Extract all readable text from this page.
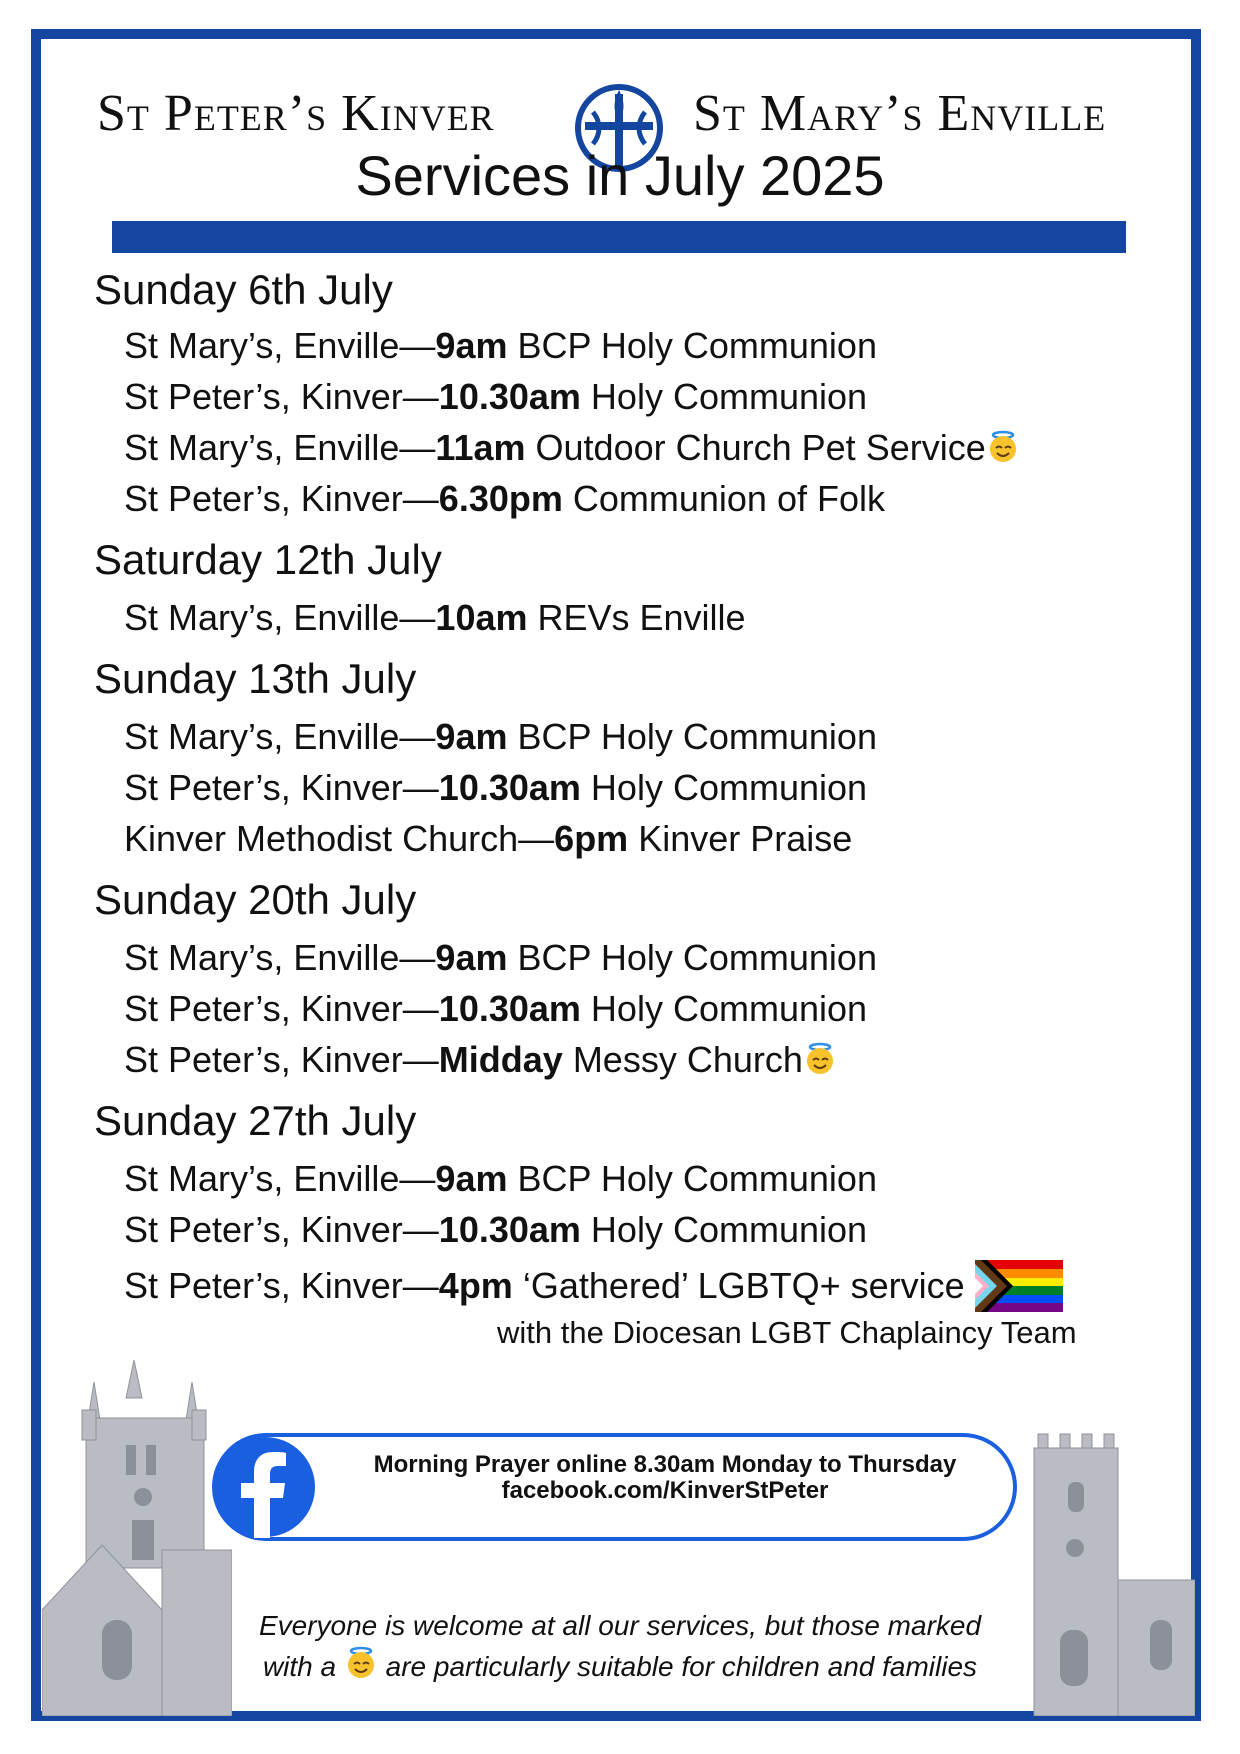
St Peter’s Kinver	St Mary’s Enville
Services in July 2025
Sunday 6th July
St Mary’s, Enville—9am BCP Holy Communion
St Peter’s, Kinver—10.30am Holy Communion
St Mary’s, Enville—11am Outdoor Church Pet Service
St Peter’s, Kinver—6.30pm Communion of Folk
Saturday 12th July
St Mary’s, Enville—10am REVs Enville
Sunday 13th July
St Mary’s, Enville—9am BCP Holy Communion
St Peter’s, Kinver—10.30am Holy Communion
Kinver Methodist Church—6pm Kinver Praise
Sunday 20th July
St Mary’s, Enville—9am BCP Holy Communion
St Peter’s, Kinver—10.30am Holy Communion
St Peter’s, Kinver—Midday Messy Church
Sunday 27th July
St Mary’s, Enville—9am BCP Holy Communion
St Peter’s, Kinver—10.30am Holy Communion
St Peter’s, Kinver—4pm ‘Gathered’ LGBTQ+ service
with the Diocesan LGBT Chaplaincy Team
Morning Prayer online 8.30am Monday to Thursday
facebook.com/KinverStPeter
Everyone is welcome at all our services, but those marked
with a  are particularly suitable for children and families
